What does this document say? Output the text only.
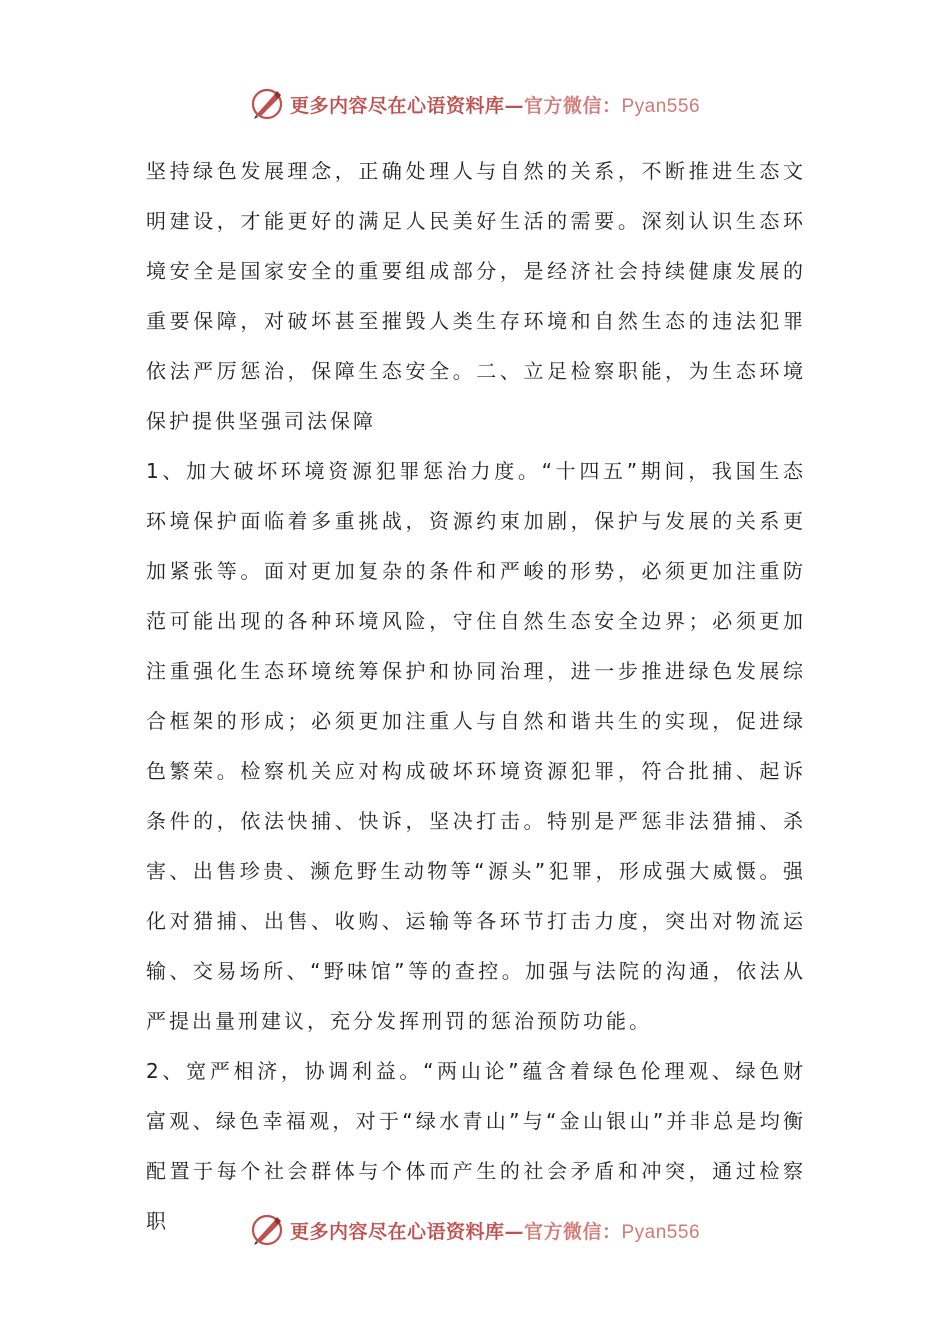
更多内容尽在心语资料库—官方微信：Pyan556

坚持绿色发展理念，正确处理人与自然的关系，不断推进生态文明建设，才能更好的满足人民美好生活的需要。深刻认识生态环境安全是国家安全的重要组成部分，是经济社会持续健康发展的重要保障，对破坏甚至摧毁人类生存环境和自然生态的违法犯罪依法严厉惩治，保障生态安全。二、立足检察职能，为生态环境保护提供坚强司法保障

1、加大破坏环境资源犯罪惩治力度。“十四五”期间，我国生态环境保护面临着多重挑战，资源约束加剧，保护与发展的关系更加紧张等。面对更加复杂的条件和严峻的形势，必须更加注重防范可能出现的各种环境风险，守住自然生态安全边界；必须更加注重强化生态环境统筹保护和协同治理，进一步推进绿色发展综合框架的形成；必须更加注重人与自然和谐共生的实现，促进绿色繁荣。检察机关应对构成破坏环境资源犯罪，符合批捕、起诉条件的，依法快捕、快诉，坚决打击。特别是严惩非法猎捕、杀害、出售珍贵、濒危野生动物等“源头”犯罪，形成强大威慑。强化对猎捕、出售、收购、运输等各环节打击力度，突出对物流运输、交易场所、“野味馆”等的查控。加强与法院的沟通，依法从严提出量刑建议，充分发挥刑罚的惩治预防功能。

2、宽严相济，协调利益。“两山论”蕴含着绿色伦理观、绿色财富观、绿色幸福观，对于“绿水青山”与“金山银山”并非总是均衡配置于每个社会群体与个体而产生的社会矛盾和冲突，通过检察职	更多内容尽在心语资料库—官方微信：Pyan556
